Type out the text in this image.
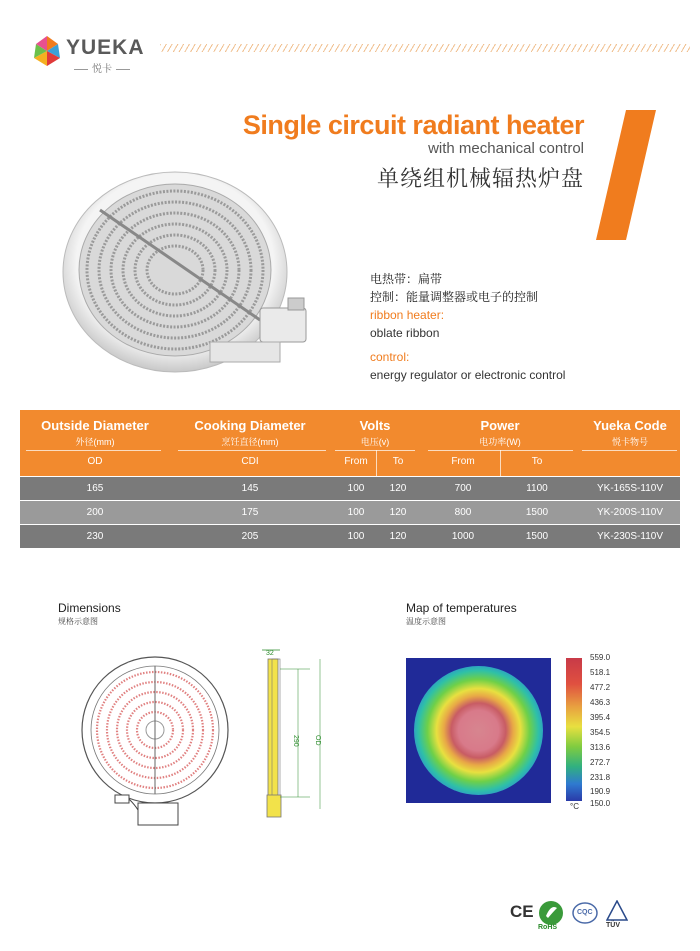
YUEKA
悦卡
Single circuit radiant heater
with mechanical control
单绕组机械辐热炉盘
电热带：扁带
控制：能量调整器或电子的控制
ribbon heater:
oblate ribbon
control:
energy regulator or electronic control
Outside Diameter
外径(mm)
Cooking Diameter
烹饪直径(mm)
Volts
电压(v)
Power
电功率(W)
Yueka Code
悦卡物号
OD	CDI	From	To	From	To
165	145	100	120	700	1100	YK-165S-110V
200	175	100	120	800	1500	YK-200S-110V
230	205	100	120	1000	1500	YK-230S-110V
Dimensions
规格示意图
32
290 OD
Map of temperatures
温度示意图
559.0
518.1
477.2
436.3
395.4
354.5
313.6
272.7
231.8
190.9
150.0
°C
CE
RoHS
CQC
TÜV
